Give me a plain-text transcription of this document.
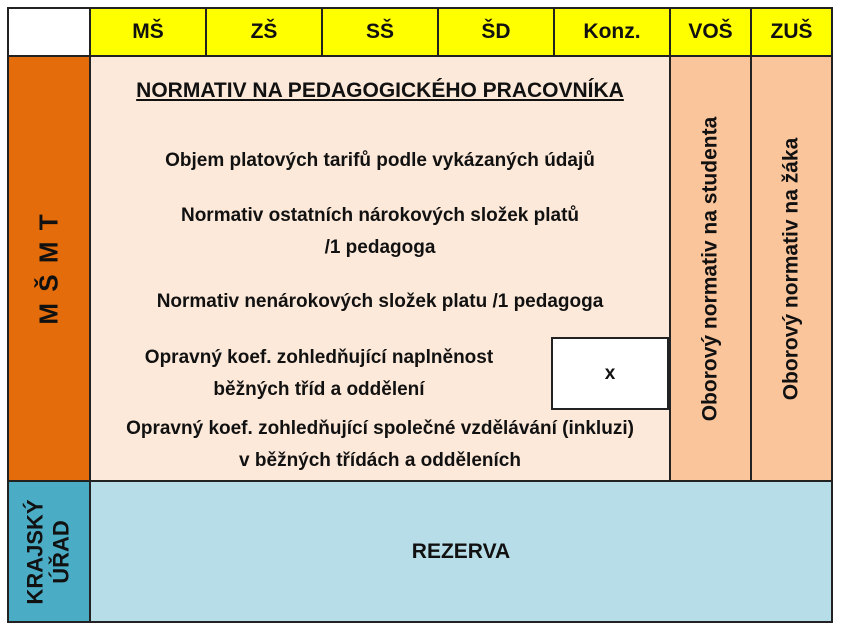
MŠ	ZŠ	SŠ	ŠD	Konz.	VOŠ	ZUŠ
M Š M T
NORMATIV NA PEDAGOGICKÉHO PRACOVNÍKA
Objem platových tarifů podle vykázaných údajů
Normativ ostatních nárokových složek platů
/1 pedagoga
Normativ nenárokových složek platu /1 pedagoga
Opravný koef. zohledňující naplněnost
běžných tříd a oddělení
x
Opravný koef. zohledňující společné vzdělávání (inkluzi)
v běžných třídách a odděleních
Oborový normativ na studenta	Oborový normativ na žáka
KRAJSKÝ ÚŘAD	REZERVA
